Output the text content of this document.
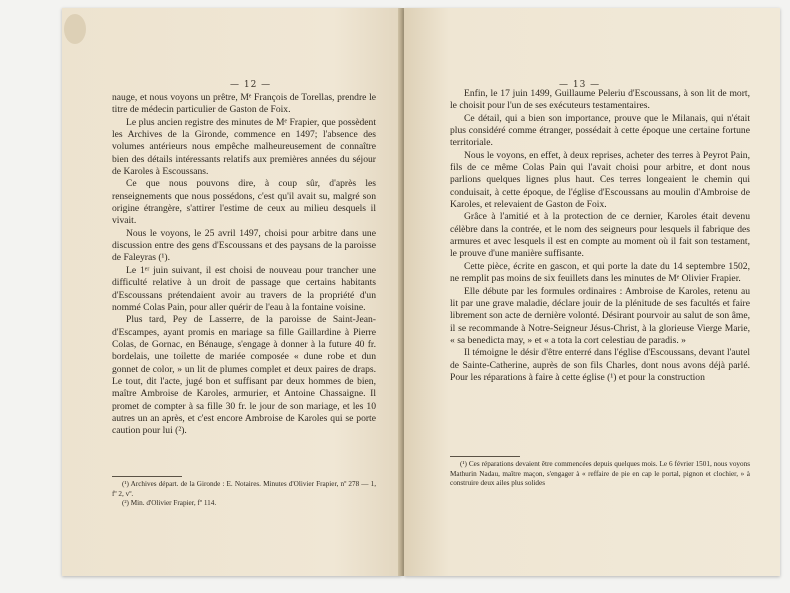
— 12 —

nauge, et nous voyons un prêtre, Mᵉ François de Torellas, prendre le titre de médecin particulier de Gaston de Foix.

Le plus ancien registre des minutes de Mᵉ Frapier, que possèdent les Archives de la Gironde, commence en 1497; l'absence des volumes antérieurs nous empêche malheureusement de connaître bien des détails intéressants relatifs aux premières années du séjour de Karoles à Escoussans.

Ce que nous pouvons dire, à coup sûr, d'après les renseignements que nous possédons, c'est qu'il avait su, malgré son origine étrangère, s'attirer l'estime de ceux au milieu desquels il vivait.

Nous le voyons, le 25 avril 1497, choisi pour arbitre dans une discussion entre des gens d'Escoussans et des paysans de la paroisse de Faleyras (¹).

Le 1ᵉʳ juin suivant, il est choisi de nouveau pour trancher une difficulté relative à un droit de passage que certains habitants d'Escoussans prétendaient avoir au travers de la propriété d'un nommé Colas Pain, pour aller quérir de l'eau à la fontaine voisine.

Plus tard, Pey de Lasserre, de la paroisse de Saint-Jean-d'Escampes, ayant promis en mariage sa fille Gaillardine à Pierre Colas, de Gornac, en Bénauge, s'engage à donner à la future 40 fr. bordelais, une toilette de mariée composée « dune robe et dun gonnet de color, » un lit de plumes complet et deux paires de draps. Le tout, dit l'acte, jugé bon et suffisant par deux hommes de bien, maître Ambroise de Karoles, armurier, et Antoine Chassaigne. Il promet de compter à sa fille 30 fr. le jour de son mariage, et les 10 autres un an après, et c'est encore Ambroise de Karoles qui se porte caution pour lui (²).

(¹) Archives départ. de la Gironde : E. Notaires. Minutes d'Olivier Frapier, nº 278 — 1, fº 2, vº.

(²) Min. d'Olivier Frapier, fº 114.

— 13 —

Enfin, le 17 juin 1499, Guillaume Peleriu d'Escoussans, à son lit de mort, le choisit pour l'un de ses exécuteurs testamentaires.

Ce détail, qui a bien son importance, prouve que le Milanais, qui n'était plus considéré comme étranger, possédait à cette époque une certaine fortune territoriale.

Nous le voyons, en effet, à deux reprises, acheter des terres à Peyrot Pain, fils de ce même Colas Pain qui l'avait choisi pour arbitre, et dont nous parlions quelques lignes plus haut. Ces terres longeaient le chemin qui conduisait, à cette époque, de l'église d'Escoussans au moulin d'Ambroise de Karoles, et relevaient de Gaston de Foix.

Grâce à l'amitié et à la protection de ce dernier, Karoles était devenu célèbre dans la contrée, et le nom des seigneurs pour lesquels il fabrique des armures et avec lesquels il est en compte au moment où il fait son testament, le prouve d'une manière suffisante.

Cette pièce, écrite en gascon, et qui porte la date du 14 septembre 1502, ne remplit pas moins de six feuillets dans les minutes de Mᵉ Olivier Frapier.

Elle débute par les formules ordinaires : Ambroise de Karoles, retenu au lit par une grave maladie, déclare jouir de la plénitude de ses facultés et faire librement son acte de dernière volonté. Désirant pourvoir au salut de son âme, il se recommande à Notre-Seigneur Jésus-Christ, à la glorieuse Vierge Marie, « sa benedicta may, » et « a tota la cort celestiau de paradis. »

Il témoigne le désir d'être enterré dans l'église d'Escoussans, devant l'autel de Sainte-Catherine, auprès de son fils Charles, dont nous avons déjà parlé. Pour les réparations à faire à cette église (¹) et pour la construction

(¹) Ces réparations devaient être commencées depuis quelques mois. Le 6 février 1501, nous voyons Mathurin Nadau, maître maçon, s'engager à « reffaire de pie en cap le portal, pignon et clochier, » à construire deux ailes plus solides
